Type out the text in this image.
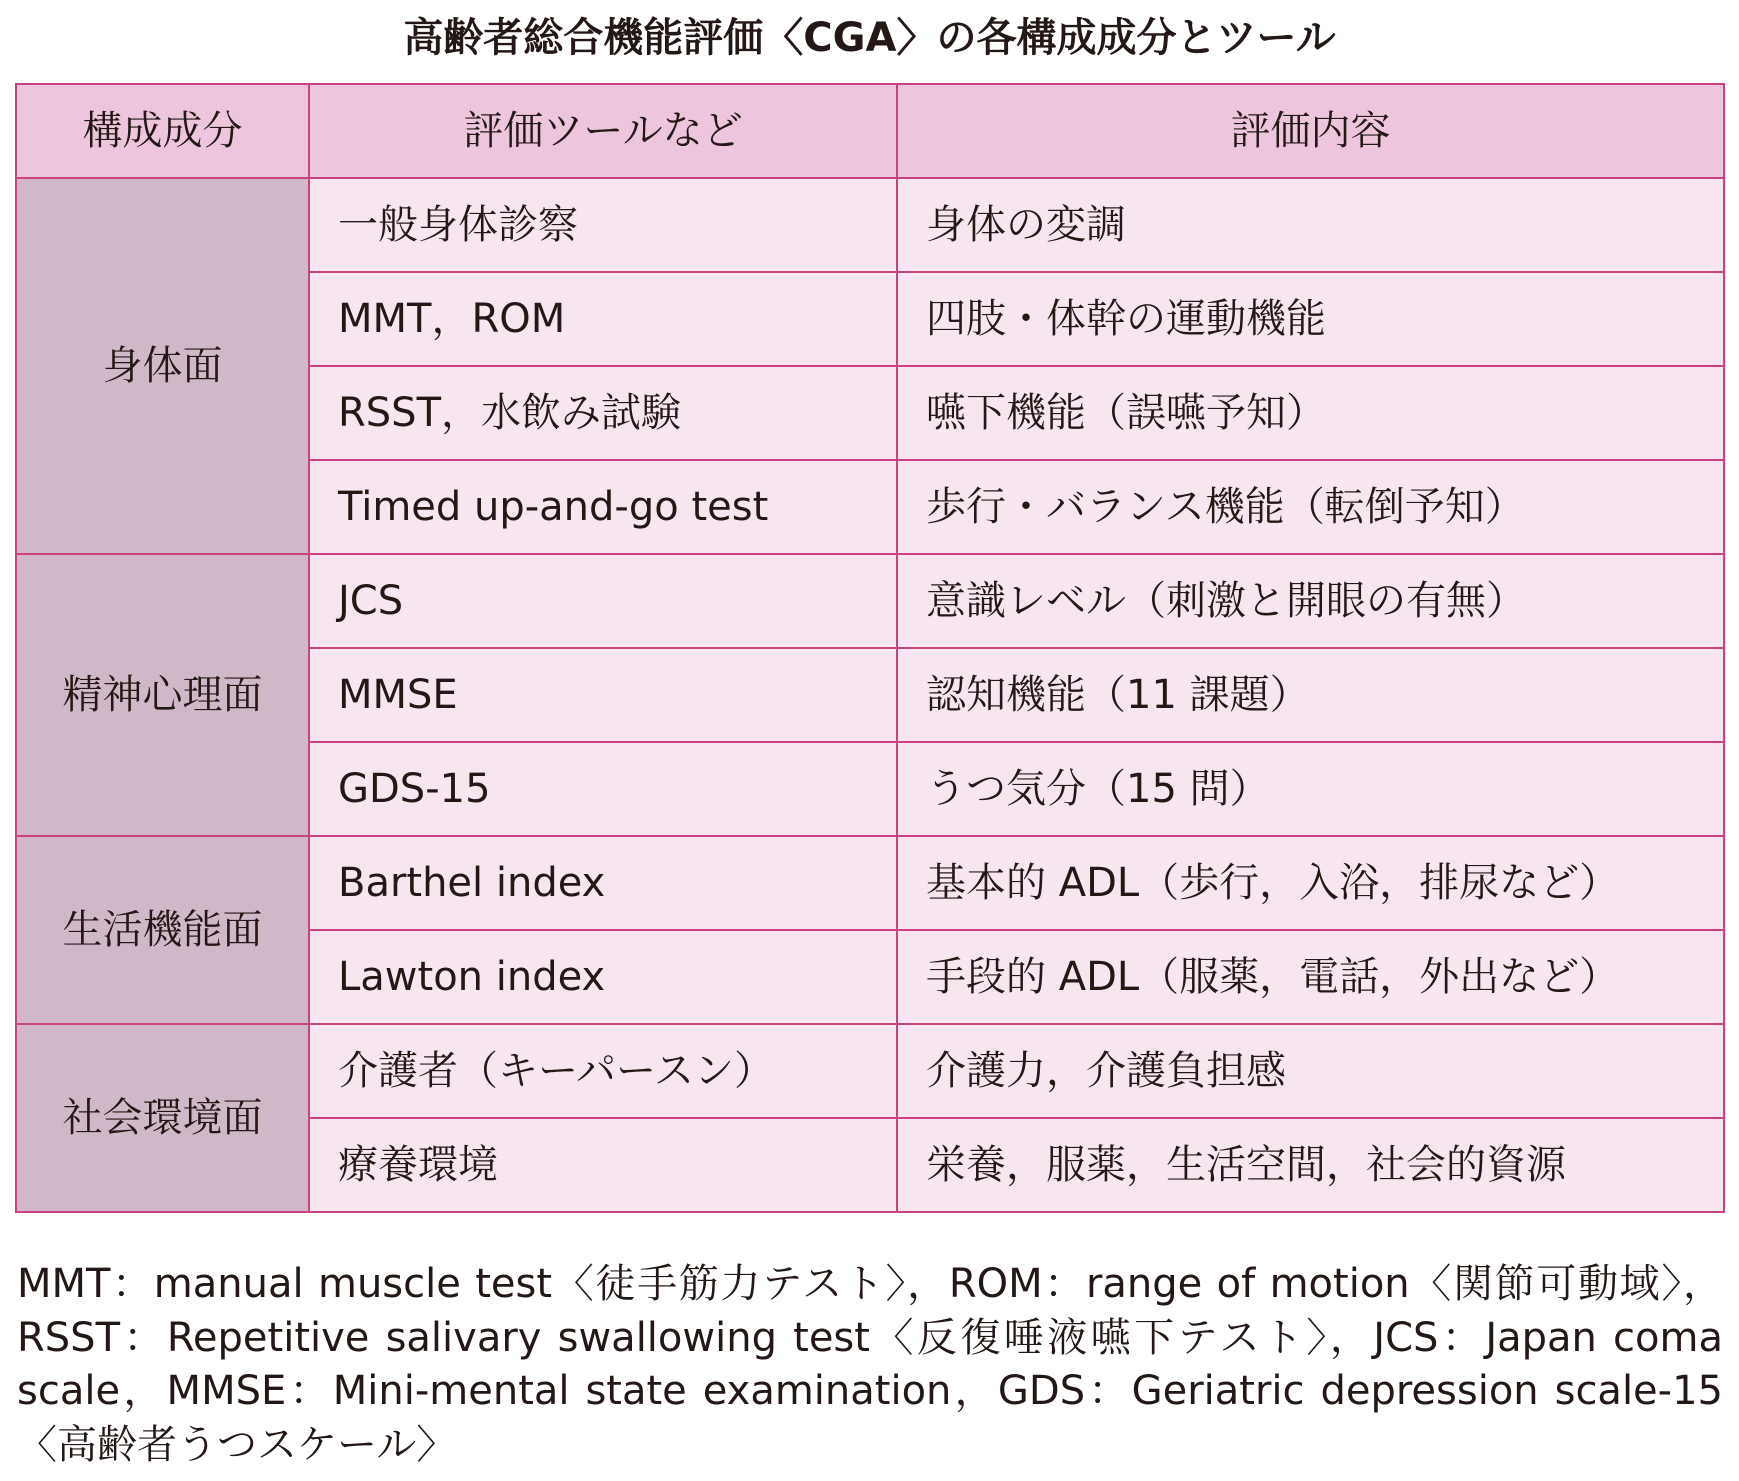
高齢者総合機能評価〈CGA〉の各構成成分とツール
構成成分	評価ツールなど	評価内容
身体面	一般身体診察	身体の変調
	MMT，ROM	四肢・体幹の運動機能
	RSST，水飲み試験	嚥下機能（誤嚥予知）
	Timed up-and-go test	歩行・バランス機能（転倒予知）
精神心理面	JCS	意識レベル（刺激と開眼の有無）
	MMSE	認知機能（11 課題）
	GDS-15	うつ気分（15 問）
生活機能面	Barthel index	基本的 ADL（歩行，入浴，排尿など）
	Lawton index	手段的 ADL（服薬，電話，外出など）
社会環境面	介護者（キーパースン）	介護力，介護負担感
	療養環境	栄養，服薬，生活空間，社会的資源
MMT：manual muscle test〈徒手筋力テスト〉，ROM：range of motion〈関節可動域〉，RSST：Repetitive salivary swallowing test〈反復唾液嚥下テスト〉，JCS：Japan coma scale，MMSE：Mini-mental state examination，GDS：Geriatric depression scale-15〈高齢者うつスケール〉
